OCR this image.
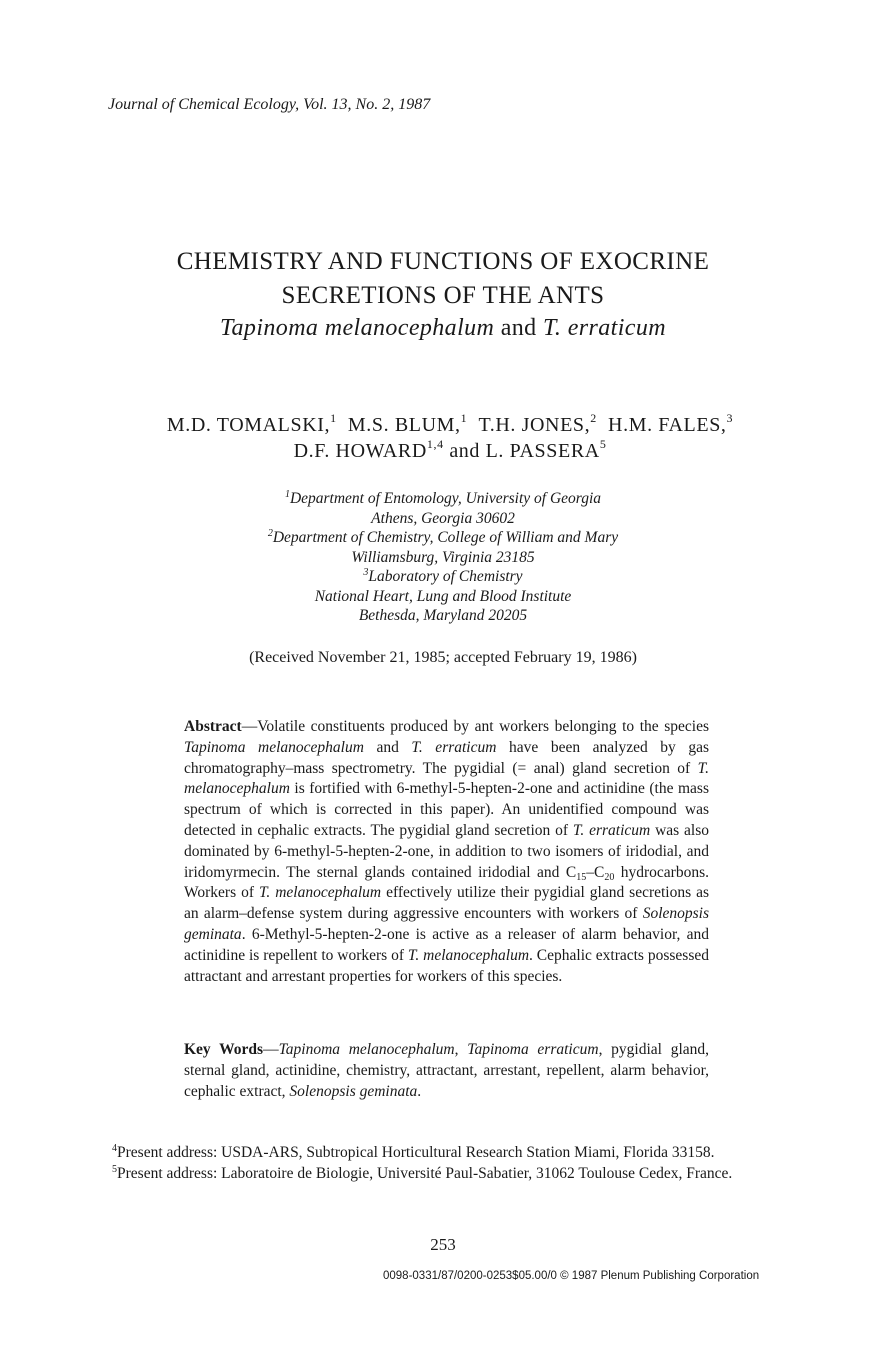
Journal of Chemical Ecology, Vol. 13, No. 2, 1987
CHEMISTRY AND FUNCTIONS OF EXOCRINE
SECRETIONS OF THE ANTS
Tapinoma melanocephalum and T. erraticum
M.D. TOMALSKI,$^1$ M.S. BLUM,$^1$ T.H. JONES,$^2$ H.M. FALES,$^3$
D.F. HOWARD$^{1,4}$ and L. PASSERA$^5$
$^1$Department of Entomology, University of Georgia
Athens, Georgia 30602
$^2$Department of Chemistry, College of William and Mary
Williamsburg, Virginia 23185
$^3$Laboratory of Chemistry
National Heart, Lung and Blood Institute
Bethesda, Maryland 20205
(Received November 21, 1985; accepted February 19, 1986)
Abstract—Volatile constituents produced by ant workers belonging to the species Tapinoma melanocephalum and T. erraticum have been analyzed by gas chromatography–mass spectrometry. The pygidial (= anal) gland secretion of T. melanocephalum is fortified with 6-methyl-5-hepten-2-one and actinidine (the mass spectrum of which is corrected in this paper). An unidentified compound was detected in cephalic extracts. The pygidial gland secretion of T. erraticum was also dominated by 6-methyl-5-hepten-2-one, in addition to two isomers of iridodial, and iridomyrmecin. The sternal glands contained iridodial and $C_{15}-C_{20}$ hydrocarbons. Workers of T. melanocephalum effectively utilize their pygidial gland secretions as an alarm–defense system during aggressive encounters with workers of Solenopsis geminata. 6-Methyl-5-hepten-2-one is active as a releaser of alarm behavior, and actinidine is repellent to workers of T. melanocephalum. Cephalic extracts possessed attractant and arrestant properties for workers of this species.
Key Words—Tapinoma melanocephalum, Tapinoma erraticum, pygidial gland, sternal gland, actinidine, chemistry, attractant, arrestant, repellent, alarm behavior, cephalic extract, Solenopsis geminata.
$^4$Present address: USDA-ARS, Subtropical Horticultural Research Station Miami, Florida 33158.
$^5$Present address: Laboratoire de Biologie, Université Paul-Sabatier, 31062 Toulouse Cedex, France.
253
0098-0331/87/0200-0253$05.00/0 © 1987 Plenum Publishing Corporation
